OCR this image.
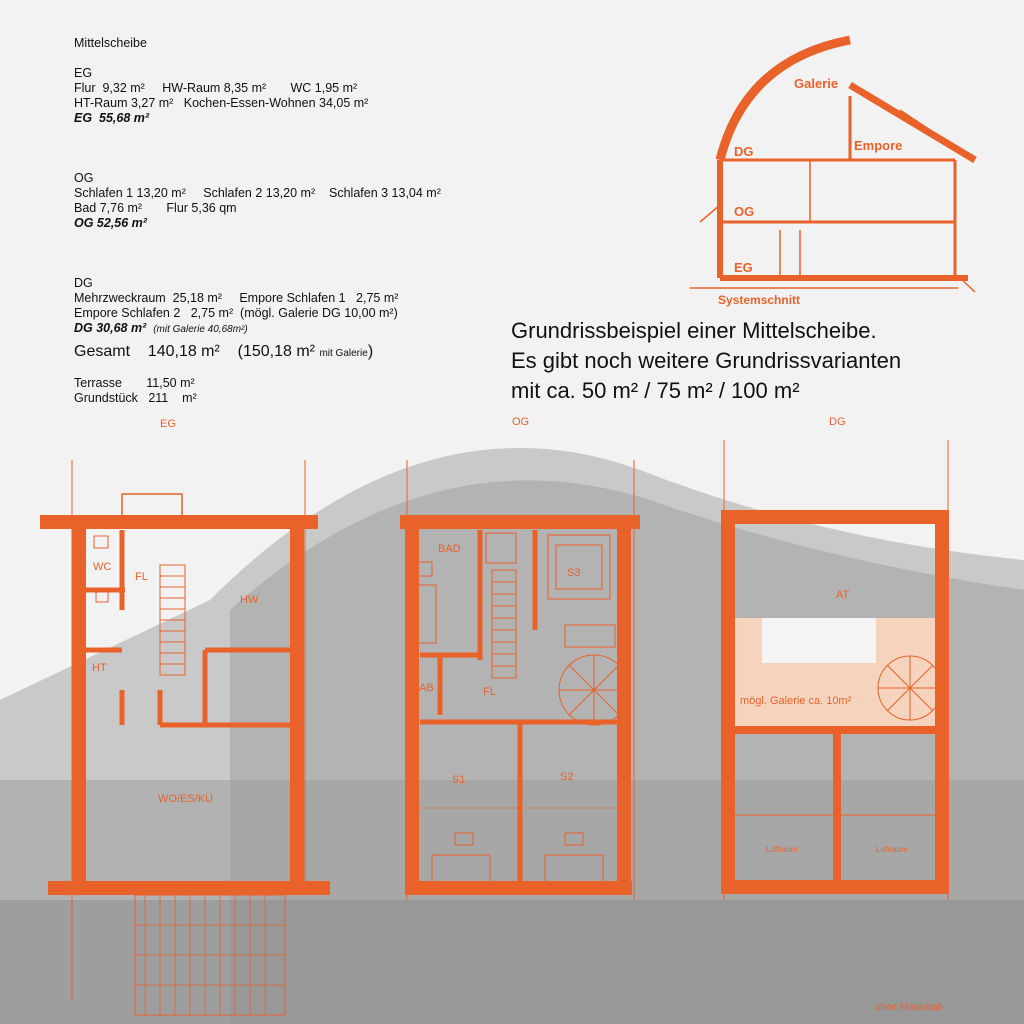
Mittelscheibe
EG
Flur  9,32 m²     HW-Raum 8,35 m²       WC 1,95 m²
HT-Raum 3,27 m²   Kochen-Essen-Wohnen 34,05 m²
EG  55,68 m²
OG
Schlafen 1 13,20 m²     Schlafen 2 13,20 m²    Schlafen 3 13,04 m²
Bad 7,76 m²       Flur 5,36 qm
OG 52,56 m²
DG
Mehrzweckraum  25,18 m²     Empore Schlafen 1   2,75 m²
Empore Schlafen 2   2,75 m²  (mögl. Galerie DG 10,00 m²)
DG 30,68 m² (mit Galerie 40,68m²)
Gesamt 140,18 m² (150,18 m² mit Galerie)
Terrasse       11,50 m²
Grundstück   211    m²
Grundrissbeispiel einer Mittelscheibe.
Es gibt noch weitere Grundrissvarianten
mit ca. 50 m² / 75 m² / 100 m²
DG
OG
EG
Galerie
Empore
Systemschnitt
EG
WC
FL
HW
HT
WO/ES/KÜ
OG
BAD
S3
AB	FL
S1	S2
DG
AT
mögl. Galerie ca. 10m²
Luftraum	Luftraum
ohne Massstab
